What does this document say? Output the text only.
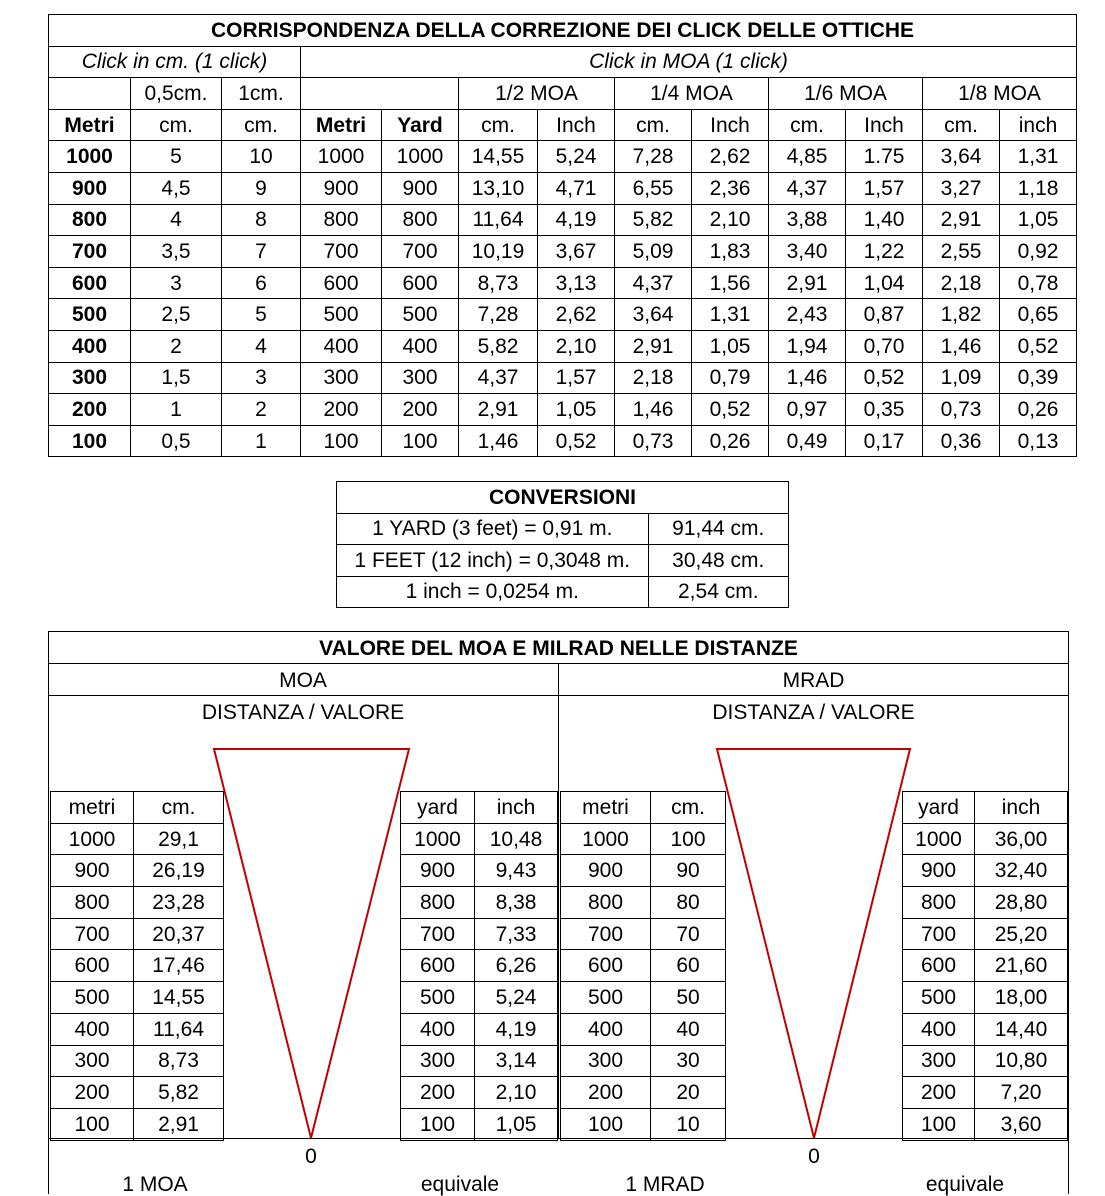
CORRISPONDENZA DELLA CORREZIONE DEI CLICK DELLE OTTICHE												
Click in cm. (1 click)			Click in MOA (1 click)									
	0,5cm.	1cm.			1/2 MOA		1/4 MOA		1/6 MOA		1/8 MOA	
Metri	cm.	cm.	Metri	Yard	cm.	Inch	cm.	Inch	cm.	Inch	cm.	inch
1000	5	10	1000	1000	14,55	5,24	7,28	2,62	4,85	1.75	3,64	1,31
900	4,5	9	900	900	13,10	4,71	6,55	2,36	4,37	1,57	3,27	1,18
800	4	8	800	800	11,64	4,19	5,82	2,10	3,88	1,40	2,91	1,05
700	3,5	7	700	700	10,19	3,67	5,09	1,83	3,40	1,22	2,55	0,92
600	3	6	600	600	8,73	3,13	4,37	1,56	2,91	1,04	2,18	0,78
500	2,5	5	500	500	7,28	2,62	3,64	1,31	2,43	0,87	1,82	0,65
400	2	4	400	400	5,82	2,10	2,91	1,05	1,94	0,70	1,46	0,52
300	1,5	3	300	300	4,37	1,57	2,18	0,79	1,46	0,52	1,09	0,39
200	1	2	200	200	2,91	1,05	1,46	0,52	0,97	0,35	0,73	0,26
100	0,5	1	100	100	1,46	0,52	0,73	0,26	0,49	0,17	0,36	0,13
CONVERSIONI	
1 YARD (3 feet) = 0,91 m.	91,44 cm.
1 FEET (12 inch) = 0,3048 m.	30,48 cm.
1 inch = 0,0254 m.	2,54 cm.
VALORE DEL MOA E MILRAD NELLE DISTANZE
MOA	MRAD
DISTANZA / VALORE	DISTANZA / VALORE
metri	cm.
1000	29,1
900	26,19
800	23,28
700	20,37
600	17,46
500	14,55
400	11,64
300	8,73
200	5,82
100	2,91
yard	inch
1000	10,48
900	9,43
800	8,38
700	7,33
600	6,26
500	5,24
400	4,19
300	3,14
200	2,10
100	1,05
metri	cm.
1000	100
900	90
800	80
700	70
600	60
500	50
400	40
300	30
200	20
100	10
yard	inch
1000	36,00
900	32,40
800	28,80
700	25,20
600	21,60
500	18,00
400	14,40
300	10,80
200	7,20
100	3,60
0	0
1 MOA	equivale	1 MRAD	equivale
